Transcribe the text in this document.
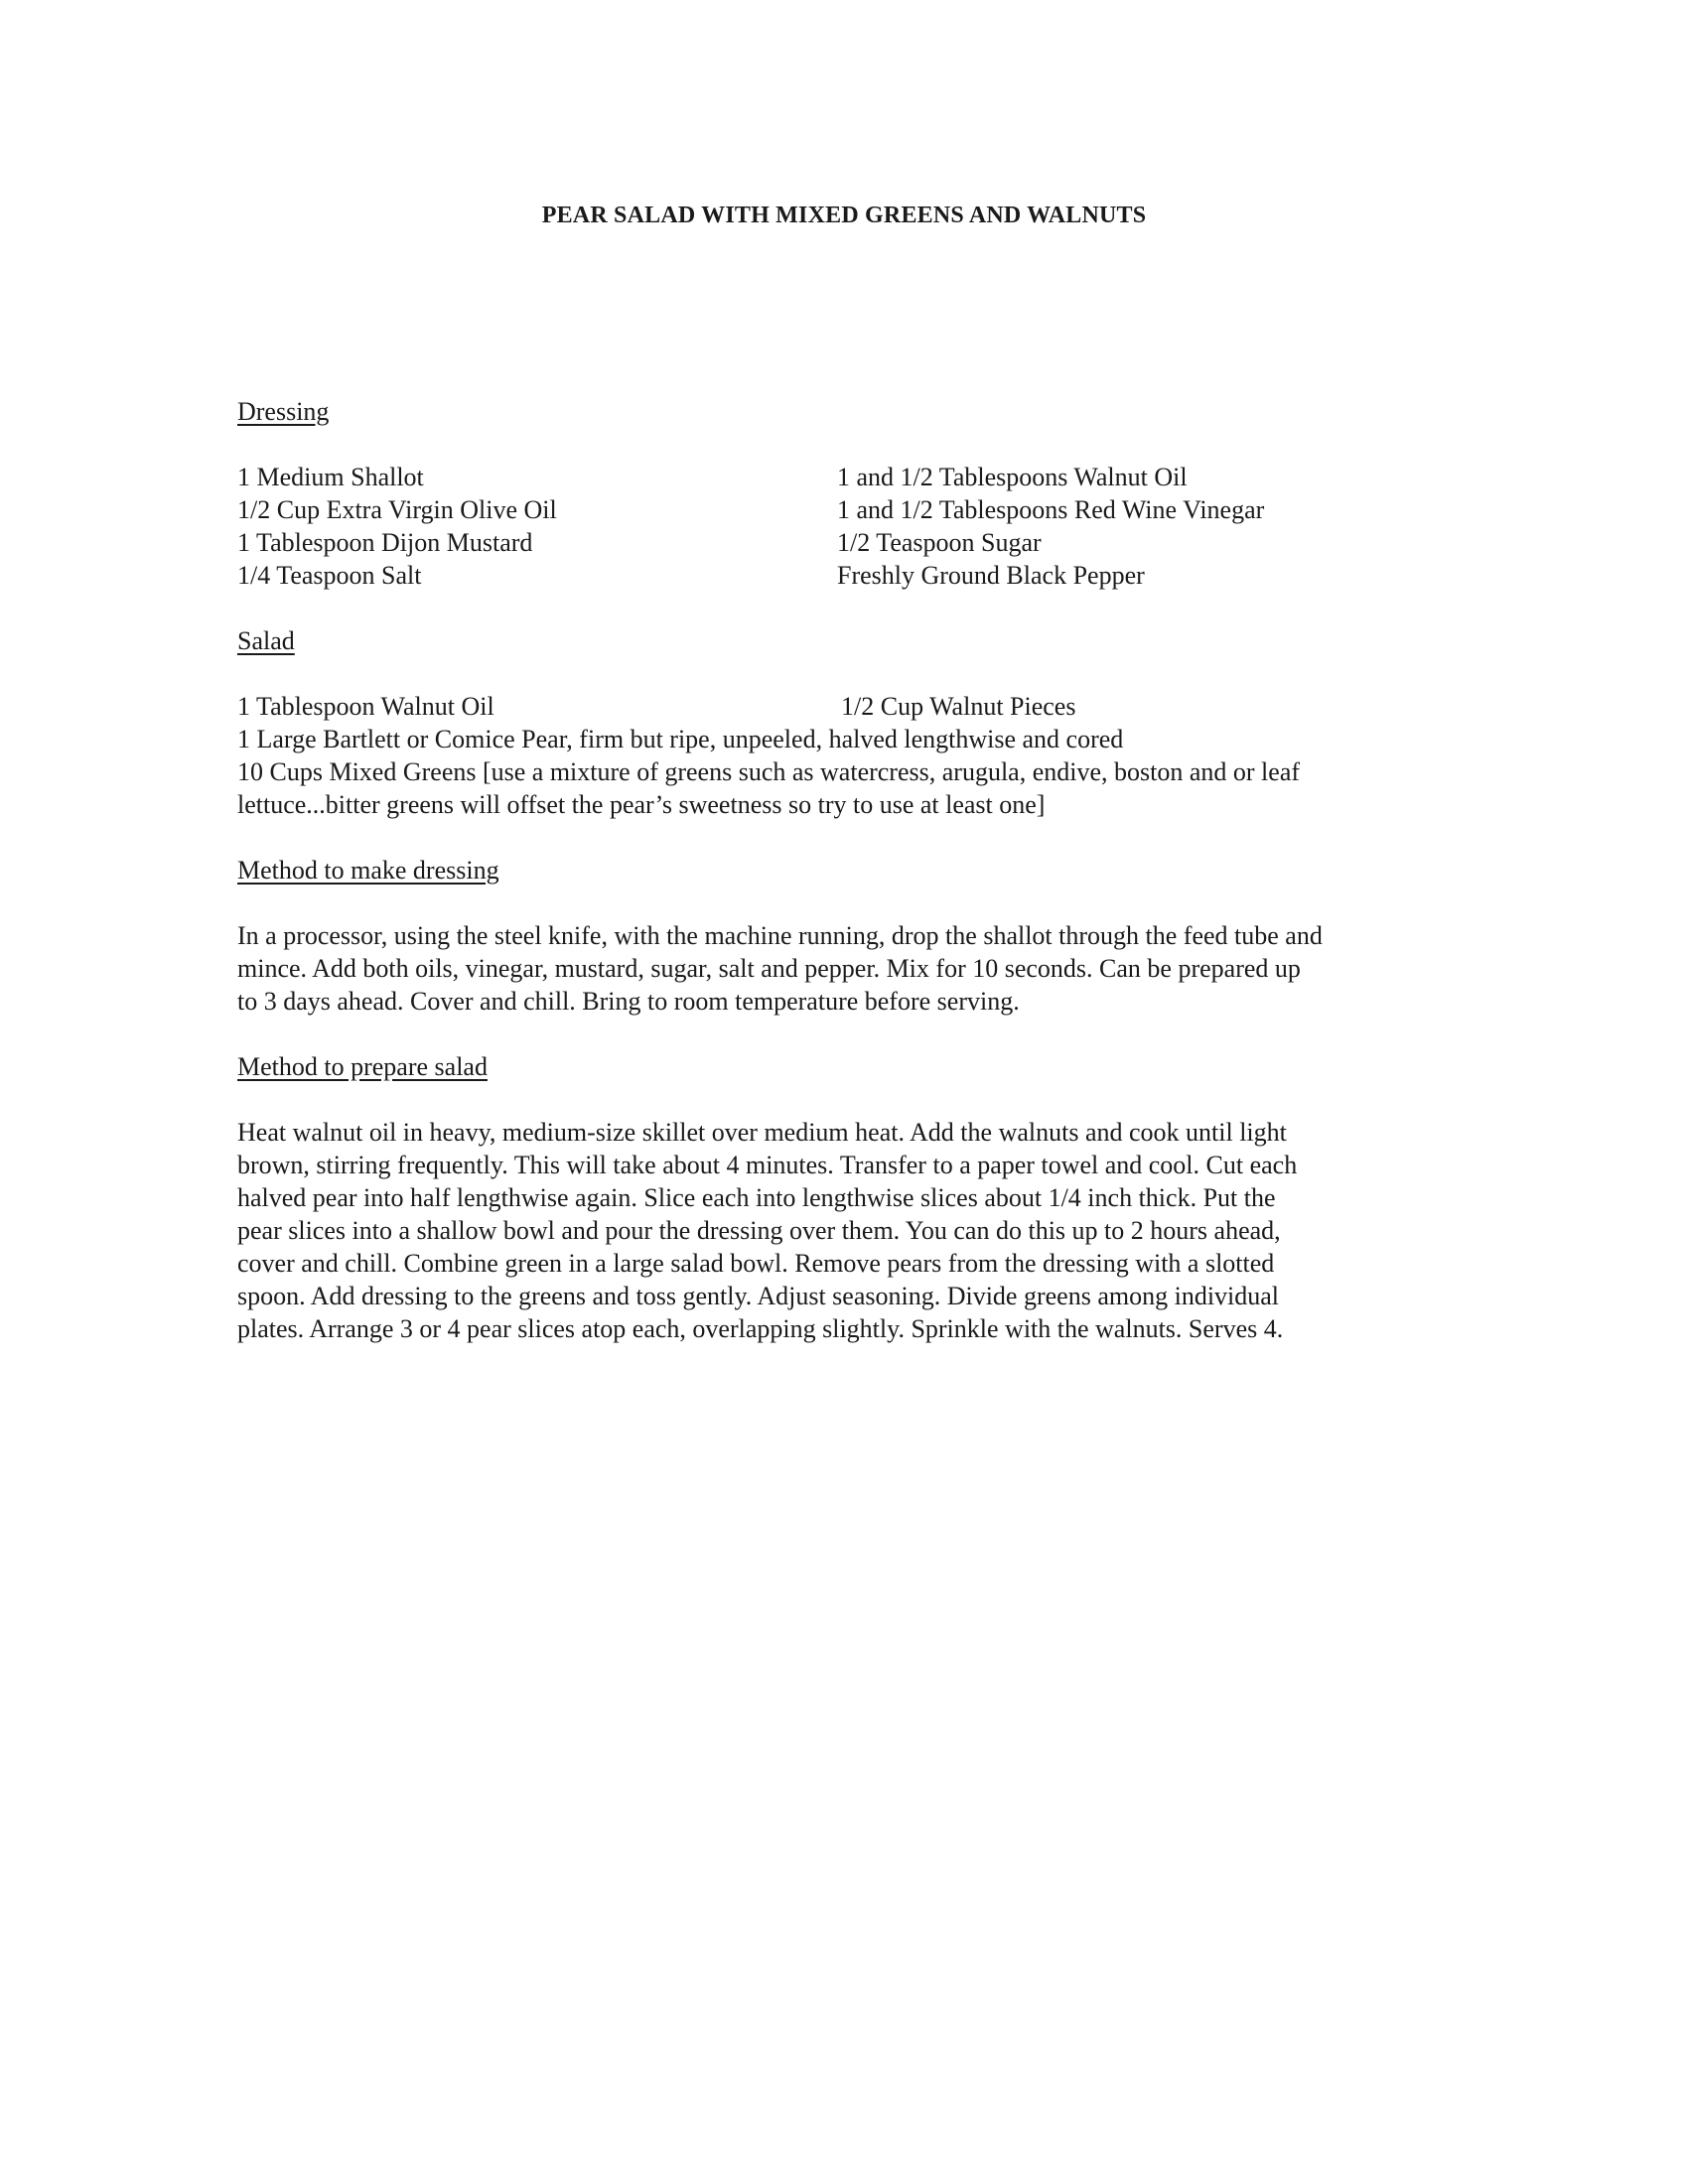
PEAR SALAD WITH MIXED GREENS AND WALNUTS
Dressing
1 Medium Shallot
1/2 Cup Extra Virgin Olive Oil
1 Tablespoon Dijon Mustard
1/4 Teaspoon Salt
1 and 1/2 Tablespoons Walnut Oil
1 and 1/2 Tablespoons Red Wine Vinegar
1/2 Teaspoon Sugar
Freshly Ground Black Pepper
Salad
1 Tablespoon Walnut Oil	1/2 Cup Walnut Pieces
1 Large Bartlett or Comice Pear, firm but ripe, unpeeled, halved lengthwise and cored
10 Cups Mixed Greens [use a mixture of greens such as watercress, arugula, endive, boston and or leaf
lettuce...bitter greens will offset the pear’s sweetness so try to use at least one]
Method to make dressing
In a processor, using the steel knife, with the machine running, drop the shallot through the feed tube and
mince. Add both oils, vinegar, mustard, sugar, salt and pepper. Mix for 10 seconds. Can be prepared up
to 3 days ahead. Cover and chill. Bring to room temperature before serving.
Method to prepare salad
Heat walnut oil in heavy, medium-size skillet over medium heat. Add the walnuts and cook until light
brown, stirring frequently. This will take about 4 minutes. Transfer to a paper towel and cool. Cut each
halved pear into half lengthwise again. Slice each into lengthwise slices about 1/4 inch thick. Put the
pear slices into a shallow bowl and pour the dressing over them. You can do this up to 2 hours ahead,
cover and chill. Combine green in a large salad bowl. Remove pears from the dressing with a slotted
spoon. Add dressing to the greens and toss gently. Adjust seasoning. Divide greens among individual
plates. Arrange 3 or 4 pear slices atop each, overlapping slightly. Sprinkle with the walnuts. Serves 4.
